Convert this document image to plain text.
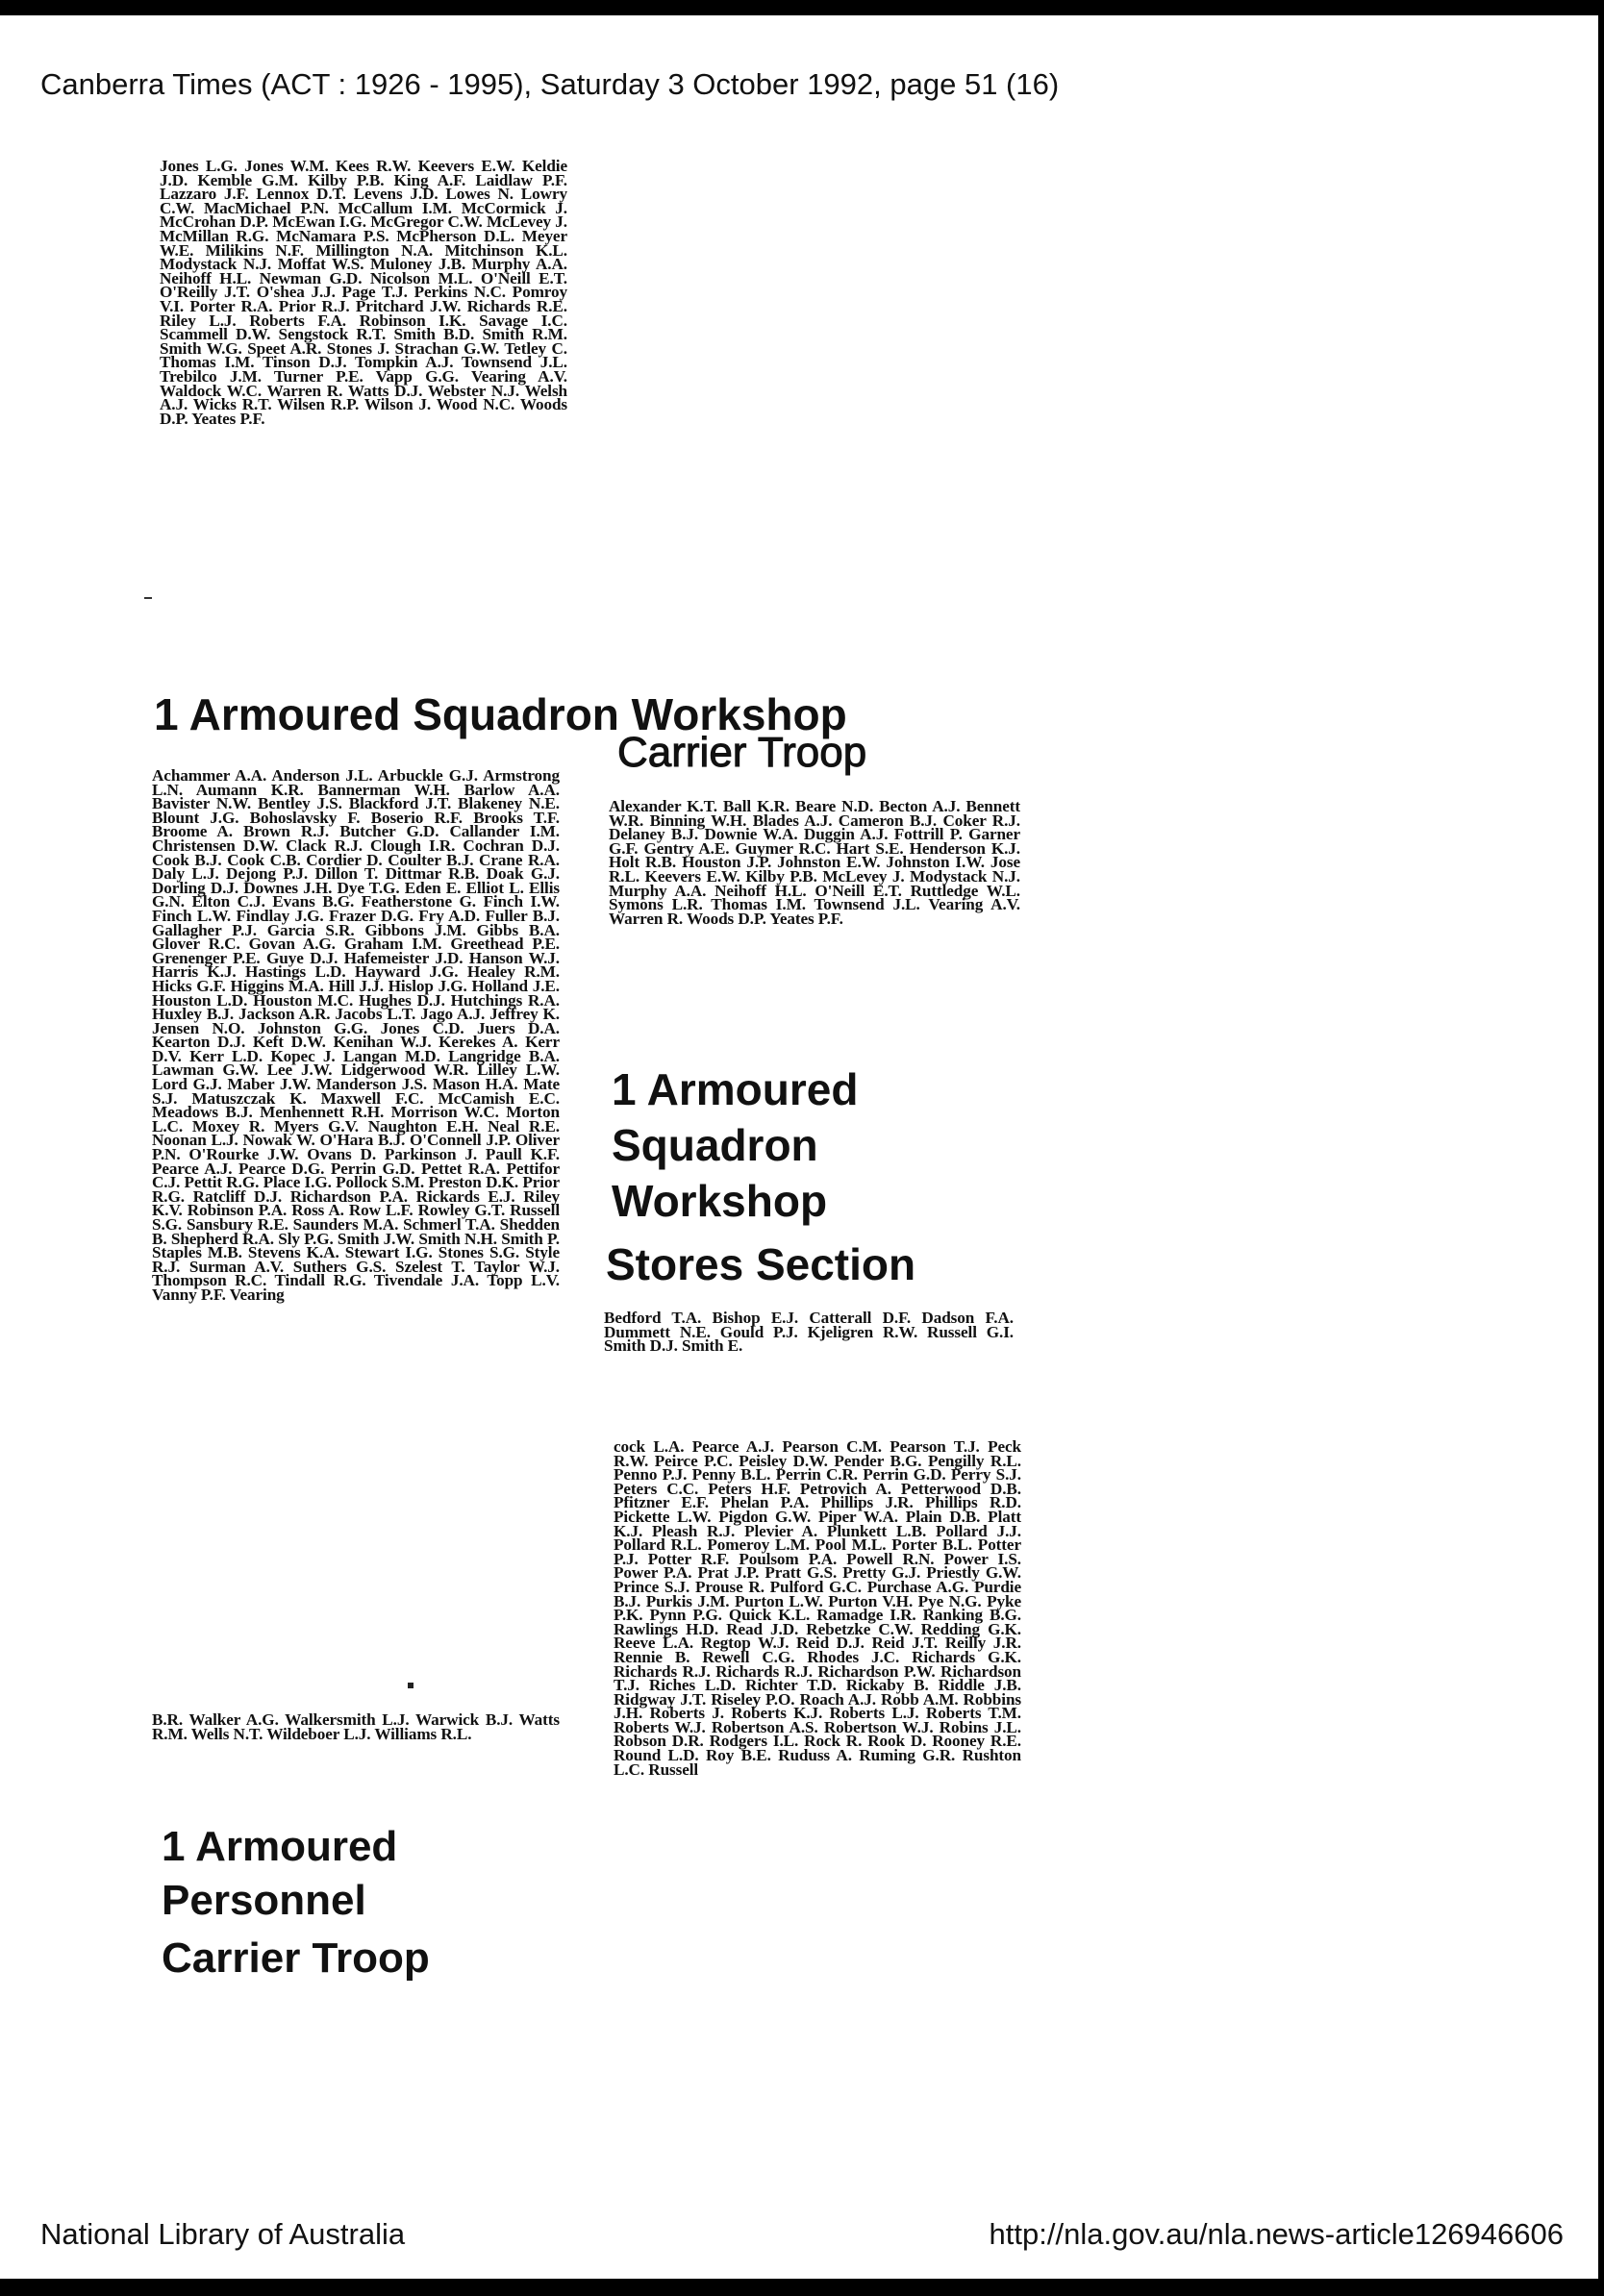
Canberra Times (ACT : 1926 - 1995), Saturday 3 October 1992, page 51 (16)
Jones L.G. Jones W.M. Kees R.W. Keevers E.W. Keldie J.D. Kemble G.M. Kilby P.B. King A.F. Laidlaw P.F. Lazzaro J.F. Lennox D.T. Levens J.D. Lowes N. Lowry C.W. MacMichael P.N. McCallum I.M. McCormick J. McCrohan D.P. McEwan I.G. McGregor C.W. McLevey J. McMillan R.G. McNamara P.S. McPherson D.L. Meyer W.E. Milikins N.F. Millington N.A. Mitchinson K.L. Modystack N.J. Moffat W.S. Muloney J.B. Murphy A.A. Neihoff H.L. Newman G.D. Nicolson M.L. O'Neill E.T. O'Reilly J.T. O'shea J.J. Page T.J. Perkins N.C. Pomroy V.I. Porter R.A. Prior R.J. Pritchard J.W. Richards R.E. Riley L.J. Roberts F.A. Robinson I.K. Savage I.C. Scammell D.W. Sengstock R.T. Smith B.D. Smith R.M. Smith W.G. Speet A.R. Stones J. Strachan G.W. Tetley C. Thomas I.M. Tinson D.J. Tompkin A.J. Townsend J.L. Trebilco J.M. Turner P.E. Vapp G.G. Vearing A.V. Waldock W.C. Warren R. Watts D.J. Webster N.J. Welsh A.J. Wicks R.T. Wilsen R.P. Wilson J. Wood N.C. Woods D.P. Yeates P.F.
1 Armoured Squadron Workshop
Carrier Troop
Achammer A.A. Anderson J.L. Arbuckle G.J. Armstrong L.N. Aumann K.R. Bannerman W.H. Barlow A.A. Bavister N.W. Bentley J.S. Blackford J.T. Blakeney N.E. Blount J.G. Bohoslavsky F. Boserio R.F. Brooks T.F. Broome A. Brown R.J. Butcher G.D. Callander I.M. Christensen D.W. Clack R.J. Clough I.R. Cochran D.J. Cook B.J. Cook C.B. Cordier D. Coulter B.J. Crane R.A. Daly L.J. Dejong P.J. Dillon T. Dittmar R.B. Doak G.J. Dorling D.J. Downes J.H. Dye T.G. Eden E. Elliot L. Ellis G.N. Elton C.J. Evans B.G. Featherstone G. Finch I.W. Finch L.W. Findlay J.G. Frazer D.G. Fry A.D. Fuller B.J. Gallagher P.J. Garcia S.R. Gibbons J.M. Gibbs B.A. Glover R.C. Govan A.G. Graham I.M. Greethead P.E. Grenenger P.E. Guye D.J. Hafemeister J.D. Hanson W.J. Harris K.J. Hastings L.D. Hayward J.G. Healey R.M. Hicks G.F. Higgins M.A. Hill J.J. Hislop J.G. Holland J.E. Houston L.D. Houston M.C. Hughes D.J. Hutchings R.A. Huxley B.J. Jackson A.R. Jacobs L.T. Jago A.J. Jeffrey K. Jensen N.O. Johnston G.G. Jones C.D. Juers D.A. Kearton D.J. Keft D.W. Kenihan W.J. Kerekes A. Kerr D.V. Kerr L.D. Kopec J. Langan M.D. Langridge B.A. Lawman G.W. Lee J.W. Lidgerwood W.R. Lilley L.W. Lord G.J. Maber J.W. Manderson J.S. Mason H.A. Mate S.J. Matuszczak K. Maxwell F.C. McCamish E.C. Meadows B.J. Menhennett R.H. Morrison W.C. Morton L.C. Moxey R. Myers G.V. Naughton E.H. Neal R.E. Noonan L.J. Nowak W. O'Hara B.J. O'Connell J.P. Oliver P.N. O'Rourke J.W. Ovans D. Parkinson J. Paull K.F. Pearce A.J. Pearce D.G. Perrin G.D. Pettet R.A. Pettifor C.J. Pettit R.G. Place I.G. Pollock S.M. Preston D.K. Prior R.G. Ratcliff D.J. Richardson P.A. Rickards E.J. Riley K.V. Robinson P.A. Ross A. Row L.F. Rowley G.T. Russell S.G. Sansbury R.E. Saunders M.A. Schmerl T.A. Shedden B. Shepherd R.A. Sly P.G. Smith J.W. Smith N.H. Smith P. Staples M.B. Stevens K.A. Stewart I.G. Stones S.G. Style R.J. Surman A.V. Suthers G.S. Szelest T. Taylor W.J. Thompson R.C. Tindall R.G. Tivendale J.A. Topp L.V. Vanny P.F. Vearing
Alexander K.T. Ball K.R. Beare N.D. Becton A.J. Bennett W.R. Binning W.H. Blades A.J. Cameron B.J. Coker R.J. Delaney B.J. Downie W.A. Duggin A.J. Fottrill P. Garner G.F. Gentry A.E. Guymer R.C. Hart S.E. Henderson K.J. Holt R.B. Houston J.P. Johnston E.W. Johnston I.W. Jose R.L. Keevers E.W. Kilby P.B. McLevey J. Modystack N.J. Murphy A.A. Neihoff H.L. O'Neill E.T. Ruttledge W.L. Symons L.R. Thomas I.M. Townsend J.L. Vearing A.V. Warren R. Woods D.P. Yeates P.F.
1 Armoured
Squadron
Workshop
Stores Section
Bedford T.A. Bishop E.J. Catterall D.F. Dadson F.A. Dummett N.E. Gould P.J. Kjeligren R.W. Russell G.I. Smith D.J. Smith E.
cock L.A. Pearce A.J. Pearson C.M. Pearson T.J. Peck R.W. Peirce P.C. Peisley D.W. Pender B.G. Pengilly R.L. Penno P.J. Penny B.L. Perrin C.R. Perrin G.D. Perry S.J. Peters C.C. Peters H.F. Petrovich A. Petterwood D.B. Pfitzner E.F. Phelan P.A. Phillips J.R. Phillips R.D. Pickette L.W. Pigdon G.W. Piper W.A. Plain D.B. Platt K.J. Pleash R.J. Plevier A. Plunkett L.B. Pollard J.J. Pollard R.L. Pomeroy L.M. Pool M.L. Porter B.L. Potter P.J. Potter R.F. Poulsom P.A. Powell R.N. Power I.S. Power P.A. Prat J.P. Pratt G.S. Pretty G.J. Priestly G.W. Prince S.J. Prouse R. Pulford G.C. Purchase A.G. Purdie B.J. Purkis J.M. Purton L.W. Purton V.H. Pye N.G. Pyke P.K. Pynn P.G. Quick K.L. Ramadge I.R. Ranking B.G. Rawlings H.D. Read J.D. Rebetzke C.W. Redding G.K. Reeve L.A. Regtop W.J. Reid D.J. Reid J.T. Reilly J.R. Rennie B. Rewell C.G. Rhodes J.C. Richards G.K. Richards R.J. Richards R.J. Richardson P.W. Richardson T.J. Riches L.D. Richter T.D. Rickaby B. Riddle J.B. Ridgway J.T. Riseley P.O. Roach A.J. Robb A.M. Robbins J.H. Roberts J. Roberts K.J. Roberts L.J. Roberts T.M. Roberts W.J. Robertson A.S. Robertson W.J. Robins J.L. Robson D.R. Rodgers I.L. Rock R. Rook D. Rooney R.E. Round L.D. Roy B.E. Ruduss A. Ruming G.R. Rushton L.C. Russell
B.R. Walker A.G. Walkersmith L.J. Warwick B.J. Watts R.M. Wells N.T. Wildeboer L.J. Williams R.L.
1 Armoured
Personnel
Carrier Troop
National Library of Australia	http://nla.gov.au/nla.news-article126946606
